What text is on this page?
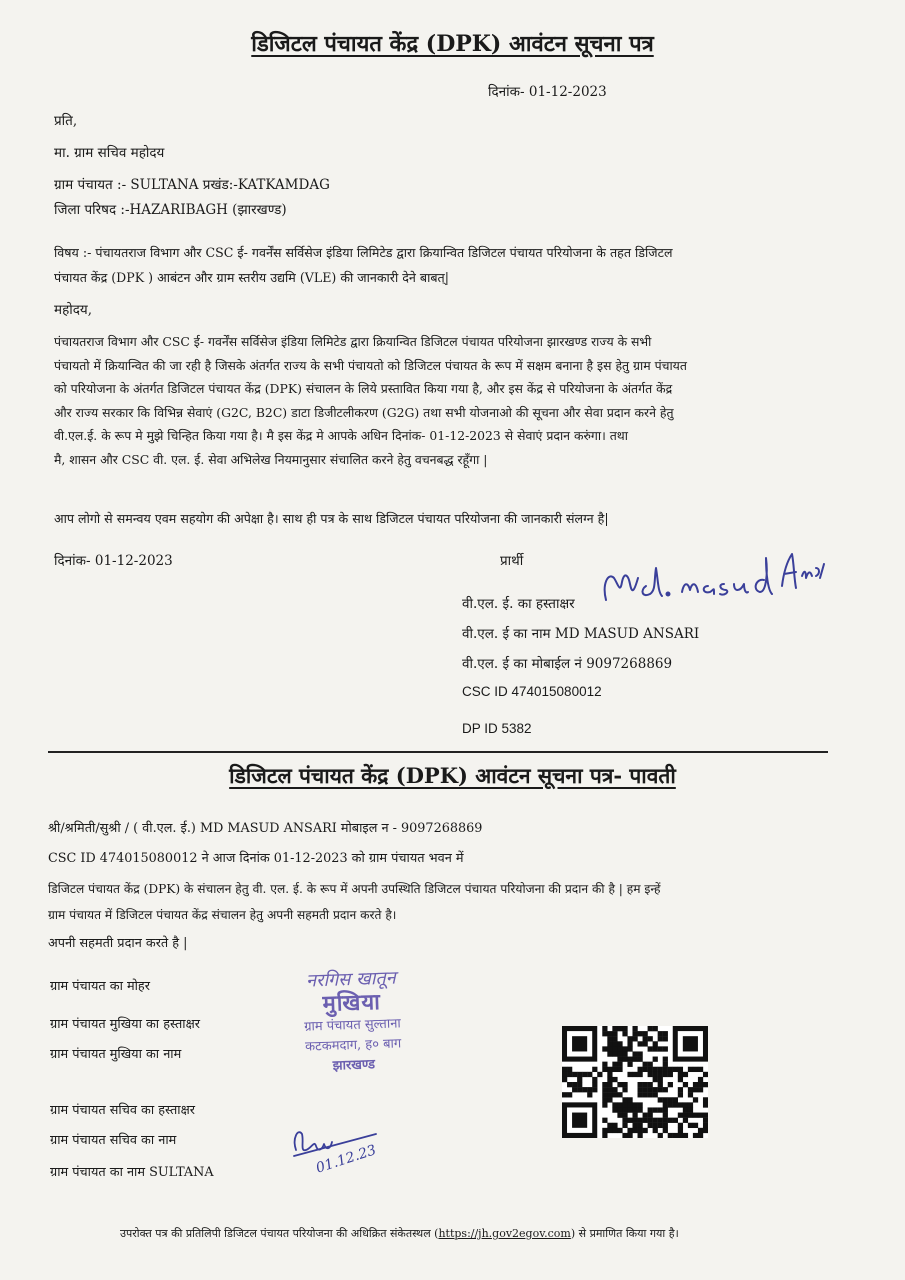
डिजिटल पंचायत केंद्र (DPK) आवंटन सूचना पत्र
दिनांक- 01-12-2023
प्रति,
मा. ग्राम सचिव महोदय
ग्राम पंचायत :- SULTANA प्रखंड:-KATKAMDAG
जिला परिषद :-HAZARIBAGH (झारखण्ड)

विषय :- पंचायतराज विभाग और CSC ई- गवर्नेंस सर्विसेज इंडिया लिमिटेड द्वारा क्रियान्वित डिजिटल पंचायत परियोजना के तहत डिजिटल

पंचायत केंद्र (DPK ) आबंटन और ग्राम स्तरीय उद्यमि (VLE) की जानकारी देने बाबत्|

महोदय,

पंचायतराज विभाग और CSC ई- गवर्नेंस सर्विसेज इंडिया लिमिटेड द्वारा क्रियान्वित डिजिटल पंचायत परियोजना झारखण्ड राज्य के सभी

पंचायतो में क्रियान्वित की जा रही है जिसके अंतर्गत राज्य के सभी पंचायतो को डिजिटल पंचायत के रूप में सक्षम बनाना है इस हेतु ग्राम पंचायत

को परियोजना के अंतर्गत डिजिटल पंचायत केंद्र (DPK) संचालन के लिये प्रस्तावित किया गया है, और इस केंद्र से परियोजना के अंतर्गत केंद्र

और राज्य सरकार कि विभिन्न सेवाएं (G2C, B2C) डाटा डिजीटलीकरण (G2G) तथा सभी योजनाओ की सूचना और सेवा प्रदान करने हेतु

वी.एल.ई. के रूप मे मुझे चिन्हित किया गया है। मै इस केंद्र मे आपके अधिन दिनांक- 01-12-2023 से सेवाएं प्रदान करुंगा। तथा

मै, शासन और CSC वी. एल. ई. सेवा अभिलेख नियमानुसार संचालित करने हेतु वचनबद्ध रहूँगा |

आप लोगो से समन्वय एवम सहयोग की अपेक्षा है। साथ ही पत्र के साथ डिजिटल पंचायत परियोजना की जानकारी संलग्न है|
दिनांक- 01-12-2023	प्रार्थी
वी.एल. ई. का हस्ताक्षर
वी.एल. ई का नाम MD MASUD ANSARI
वी.एल. ई का मोबाईल नं 9097268869
CSC ID 474015080012
DP ID 5382
डिजिटल पंचायत केंद्र (DPK) आवंटन सूचना पत्र- पावती
श्री/श्रमिती/सुश्री / ( वी.एल. ई.) MD MASUD ANSARI मोबाइल न - 9097268869
CSC ID 474015080012 ने आज दिनांक 01-12-2023 को ग्राम पंचायत भवन में

डिजिटल पंचायत केंद्र (DPK) के संचालन हेतु वी. एल. ई. के रूप में अपनी उपस्थिति डिजिटल पंचायत परियोजना की प्रदान की है | हम इन्हें

ग्राम पंचायत में डिजिटल पंचायत केंद्र संचालन हेतु अपनी सहमती प्रदान करते है।

अपनी सहमती प्रदान करते है |
ग्राम पंचायत का मोहर
ग्राम पंचायत मुखिया का हस्ताक्षर
ग्राम पंचायत मुखिया का नाम
ग्राम पंचायत सचिव का हस्ताक्षर
ग्राम पंचायत सचिव का नाम
ग्राम पंचायत का नाम SULTANA
नरगिस खातून
मुखिया
ग्राम पंचायत सुल्ताना
कटकमदाग, ह० बाग
झारखण्ड
01.12.23
उपरोक्त पत्र की प्रतिलिपी डिजिटल पंचायत परियोजना की अधिक्रित संकेतस्थल (https://jh.gov2egov.com) से प्रमाणित किया गया है।
